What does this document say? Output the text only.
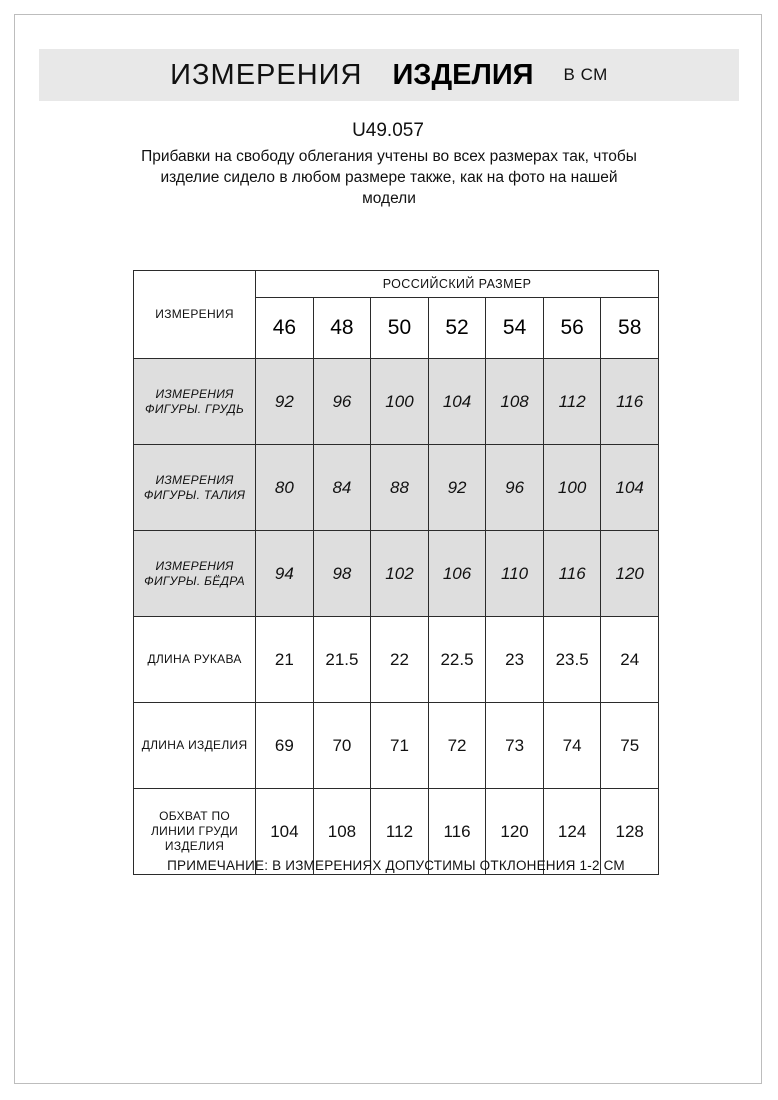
ИЗМЕРЕНИЯ ИЗДЕЛИЯ В СМ
U49.057
Прибавки на свободу облегания учтены во всех размерах так, чтобы изделие сидело в любом размере также, как на фото на нашей модели
ИЗМЕРЕНИЯ	РОССИЙСКИЙ РАЗМЕР						
	46	48	50	52	54	56	58
ИЗМЕРЕНИЯ ФИГУРЫ. ГРУДЬ	92	96	100	104	108	112	116
ИЗМЕРЕНИЯ ФИГУРЫ. ТАЛИЯ	80	84	88	92	96	100	104
ИЗМЕРЕНИЯ ФИГУРЫ. БЁДРА	94	98	102	106	110	116	120
ДЛИНА РУКАВА	21	21.5	22	22.5	23	23.5	24
ДЛИНА ИЗДЕЛИЯ	69	70	71	72	73	74	75
ОБХВАТ ПО ЛИНИИ ГРУДИ ИЗДЕЛИЯ	104	108	112	116	120	124	128
ПРИМЕЧАНИЕ: В ИЗМЕРЕНИЯХ ДОПУСТИМЫ ОТКЛОНЕНИЯ 1-2 СМ
